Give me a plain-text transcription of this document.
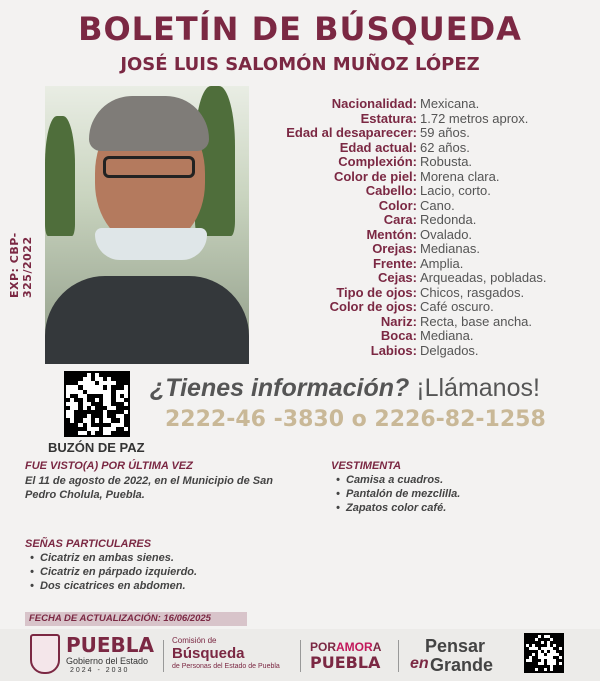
BOLETÍN DE BÚSQUEDA
JOSÉ LUIS SALOMÓN MUÑOZ LÓPEZ
EXP: CBP-325/2022
Nacionalidad: Mexicana.
Estatura: 1.72 metros aprox.
Edad al desaparecer: 59 años.
Edad actual: 62 años.
Complexión: Robusta.
Color de piel: Morena clara.
Cabello: Lacio, corto.
Color: Cano.
Cara: Redonda.
Mentón: Ovalado.
Orejas: Medianas.
Frente: Amplia.
Cejas: Arqueadas, pobladas.
Tipo de ojos: Chicos, rasgados.
Color de ojos: Café oscuro.
Nariz: Recta, base ancha.
Boca: Mediana.
Labios: Delgados.
BUZÓN DE PAZ
¿Tienes información? ¡Llámanos!
2222-46 -3830 o 2226-82-1258
FUE VISTO(A) POR ÚLTIMA VEZ
El 11 de agosto de 2022, en el Municipio de San
Pedro Cholula, Puebla.
VESTIMENTA
• Camisa a cuadros.
• Pantalón de mezclilla.
• Zapatos color café.
SEÑAS PARTICULARES
• Cicatriz en ambas sienes.
• Cicatriz en párpado izquierdo.
• Dos cicatrices en abdomen.
FECHA DE ACTUALIZACIÓN: 16/06/2025
PUEBLA
Gobierno del Estado
2024 - 2030
Comisión de
Búsqueda
de Personas del Estado de Puebla
PORAMORA
PUEBLA
Pensar
en Grande
